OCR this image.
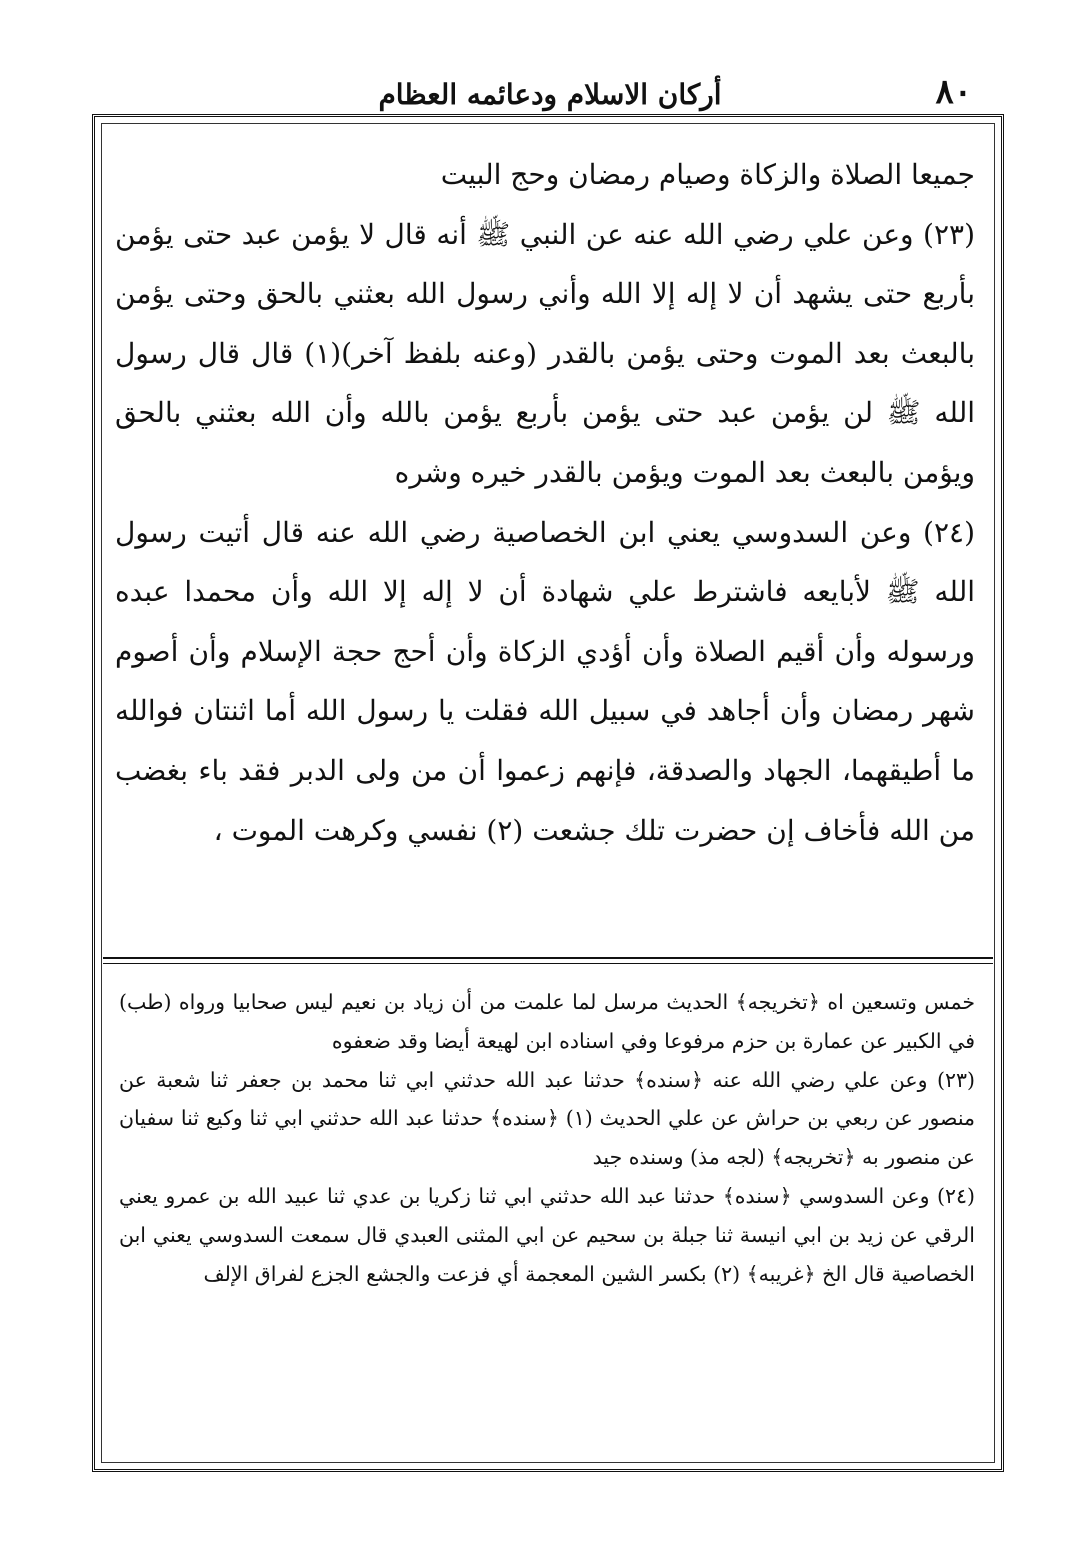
٨٠
أركان الاسلام ودعائمه العظام

جميعا الصلاة والزكاة وصيام رمضان وحج البيت

(٢٣) وعن علي رضي الله عنه عن النبي ﷺ أنه قال لا يؤمن عبد حتى يؤمن بأربع حتى يشهد أن لا إله إلا الله وأني رسول الله بعثني بالحق وحتى يؤمن بالبعث بعد الموت وحتى يؤمن بالقدر (وعنه بلفظ آخر)(١) قال قال رسول الله ﷺ لن يؤمن عبد حتى يؤمن بأربع يؤمن بالله وأن الله بعثني بالحق ويؤمن بالبعث بعد الموت ويؤمن بالقدر خيره وشره

(٢٤) وعن السدوسي يعني ابن الخصاصية رضي الله عنه قال أتيت رسول الله ﷺ لأبايعه فاشترط علي شهادة أن لا إله إلا الله وأن محمدا عبده ورسوله وأن أقيم الصلاة وأن أؤدي الزكاة وأن أحج حجة الإسلام وأن أصوم شهر رمضان وأن أجاهد في سبيل الله فقلت يا رسول الله أما اثنتان فوالله ما أطيقهما، الجهاد والصدقة، فإنهم زعموا أن من ولى الدبر فقد باء بغضب من الله فأخاف إن حضرت تلك جشعت (٢) نفسي وكرهت الموت ،

خمس وتسعين اه ﴿تخريجه﴾ الحديث مرسل لما علمت من أن زياد بن نعيم ليس صحابيا ورواه (طب) في الكبير عن عمارة بن حزم مرفوعا وفي اسناده ابن لهيعة أيضا وقد ضعفوه

(٢٣) وعن علي رضي الله عنه ﴿سنده﴾ حدثنا عبد الله حدثني ابي ثنا محمد بن جعفر ثنا شعبة عن منصور عن ربعي بن حراش عن علي الحديث (١) ﴿سنده﴾ حدثنا عبد الله حدثني ابي ثنا وكيع ثنا سفيان عن منصور به ﴿تخريجه﴾ (لجه مذ) وسنده جيد

(٢٤) وعن السدوسي ﴿سنده﴾ حدثنا عبد الله حدثني ابي ثنا زكريا بن عدي ثنا عبيد الله بن عمرو يعني الرقي عن زيد بن ابي انيسة ثنا جبلة بن سحيم عن ابي المثنى العبدي قال سمعت السدوسي يعني ابن الخصاصية قال الخ ﴿غريبه﴾ (٢) بكسر الشين المعجمة أي فزعت والجشع الجزع لفراق الإلف
